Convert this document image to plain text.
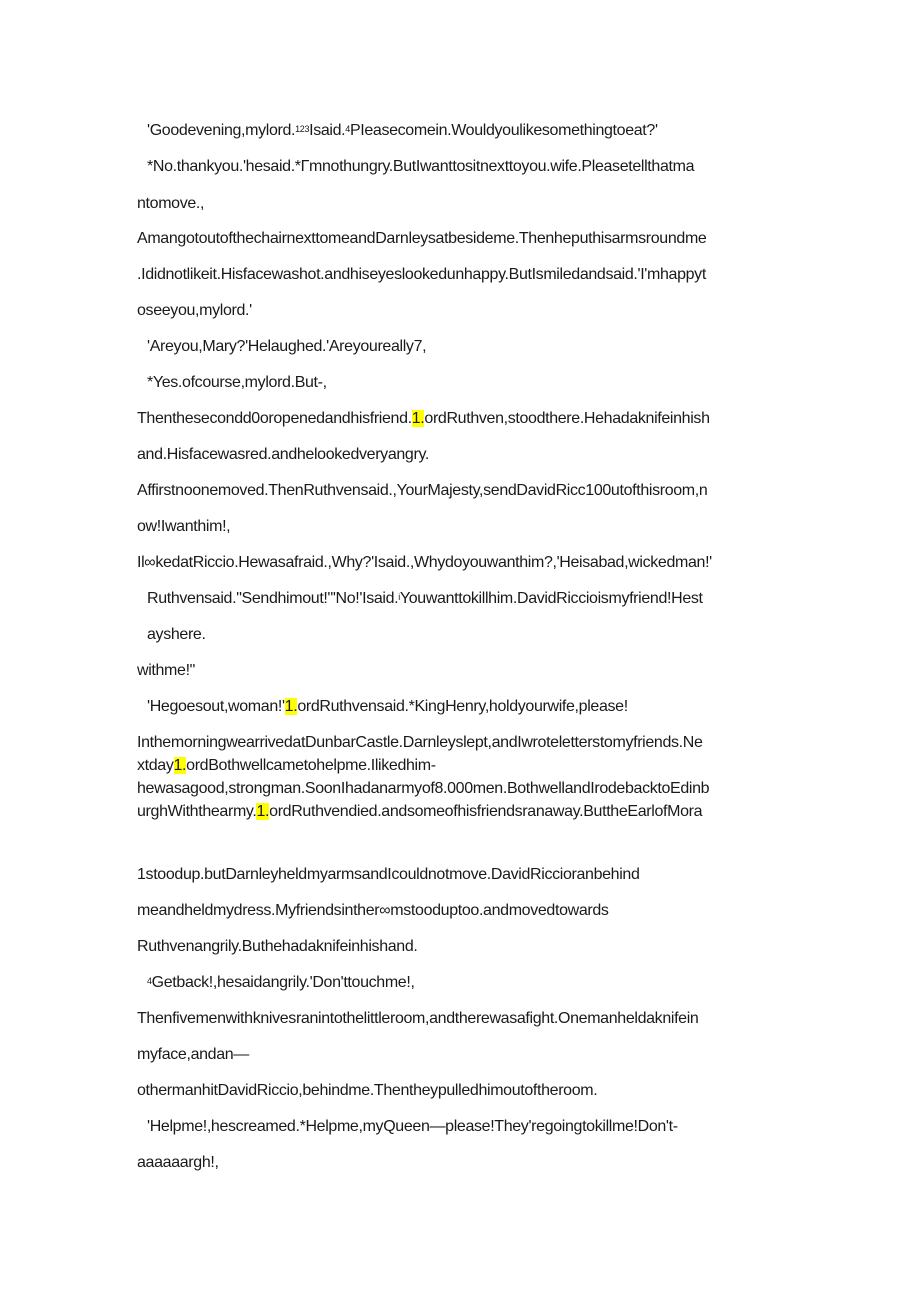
'Goodevening,mylord.$^{123}$Isaid.$^4$PIeasecomein.Wouldyoulikesomethingtoeat?'
*No.thankyou.'hesaid.*Гmnothungry.ButIwanttositnexttoyou.wife.Pleasetellthatma
ntomove.,
AmangotoutofthechairnexttomeandDarnleysatbesideme.Thenheputhisarmsroundme
.Ididnotlikeit.Hisfacewashot.andhiseyeslookedunhappy.ButIsmiledandsaid.'I'mhappyt
oseeyou,mylord.'
'Areyou,Mary?'Helaughed.'Areyoureally7,
*Yes.ofcourse,mylord.But-,
Thenthesecondd0oropenedandhisfriend.1.ordRuthven,stoodthere.Hehadaknifeinhish
and.Hisfacewasred.andhelookedveryangry.
Affirstnoonemoved.ThenRuthvensaid.,YourMajesty,sendDavidRicc100utofthisroom,n
ow!Iwanthim!,
Il∞kedatRiccio.Hewasafraid.,Why?'Isaid.,Whydoyouwanthim?,'Heisabad,wickedman!'
Ruthvensaid."Sendhimout!"'No!'Isaid.$^i$Youwanttokillhim.DavidRiccioismyfriend!Hest
ayshere.
withme!"
'Hegoesout,woman!'1.ordRuthvensaid.*KingHenry,holdyourwife,please!
InthemorningwearrivedatDunbarCastle.Darnleyslept,andIwroteletterstomyfriends.Ne
xtday1.ordBothwellcametohelpme.Ilikedhim-
hewasagood,strongman.SoonIhadanarmyof8.000men.BothwellandIrodebacktoEdinb
urghWiththearmy.1.ordRuthvendied.andsomeofhisfriendsranaway.ButtheEarlofMora
1stoodup.butDarnleyheldmyarmsandIcouldnotmove.DavidRiccioranbehind
meandheldmydress.Myfriendsinther∞mstooduptoo.andmovedtowards
Ruthvenangrily.Buthehadaknifeinhishand.
$^4$Getback!,hesaidangrily.'Don'ttouchme!,
Thenfivemenwithknivesranintothelittleroom,andtherewasafight.Onemanheldaknifein
myface,andan—
othermanhitDavidRiccio,behindme.Thentheypulledhimoutoftheroom.
'Helpme!,hescreamed.*Helpme,myQueen—please!They'regoingtokillme!Don't-
aaaaaargh!,
